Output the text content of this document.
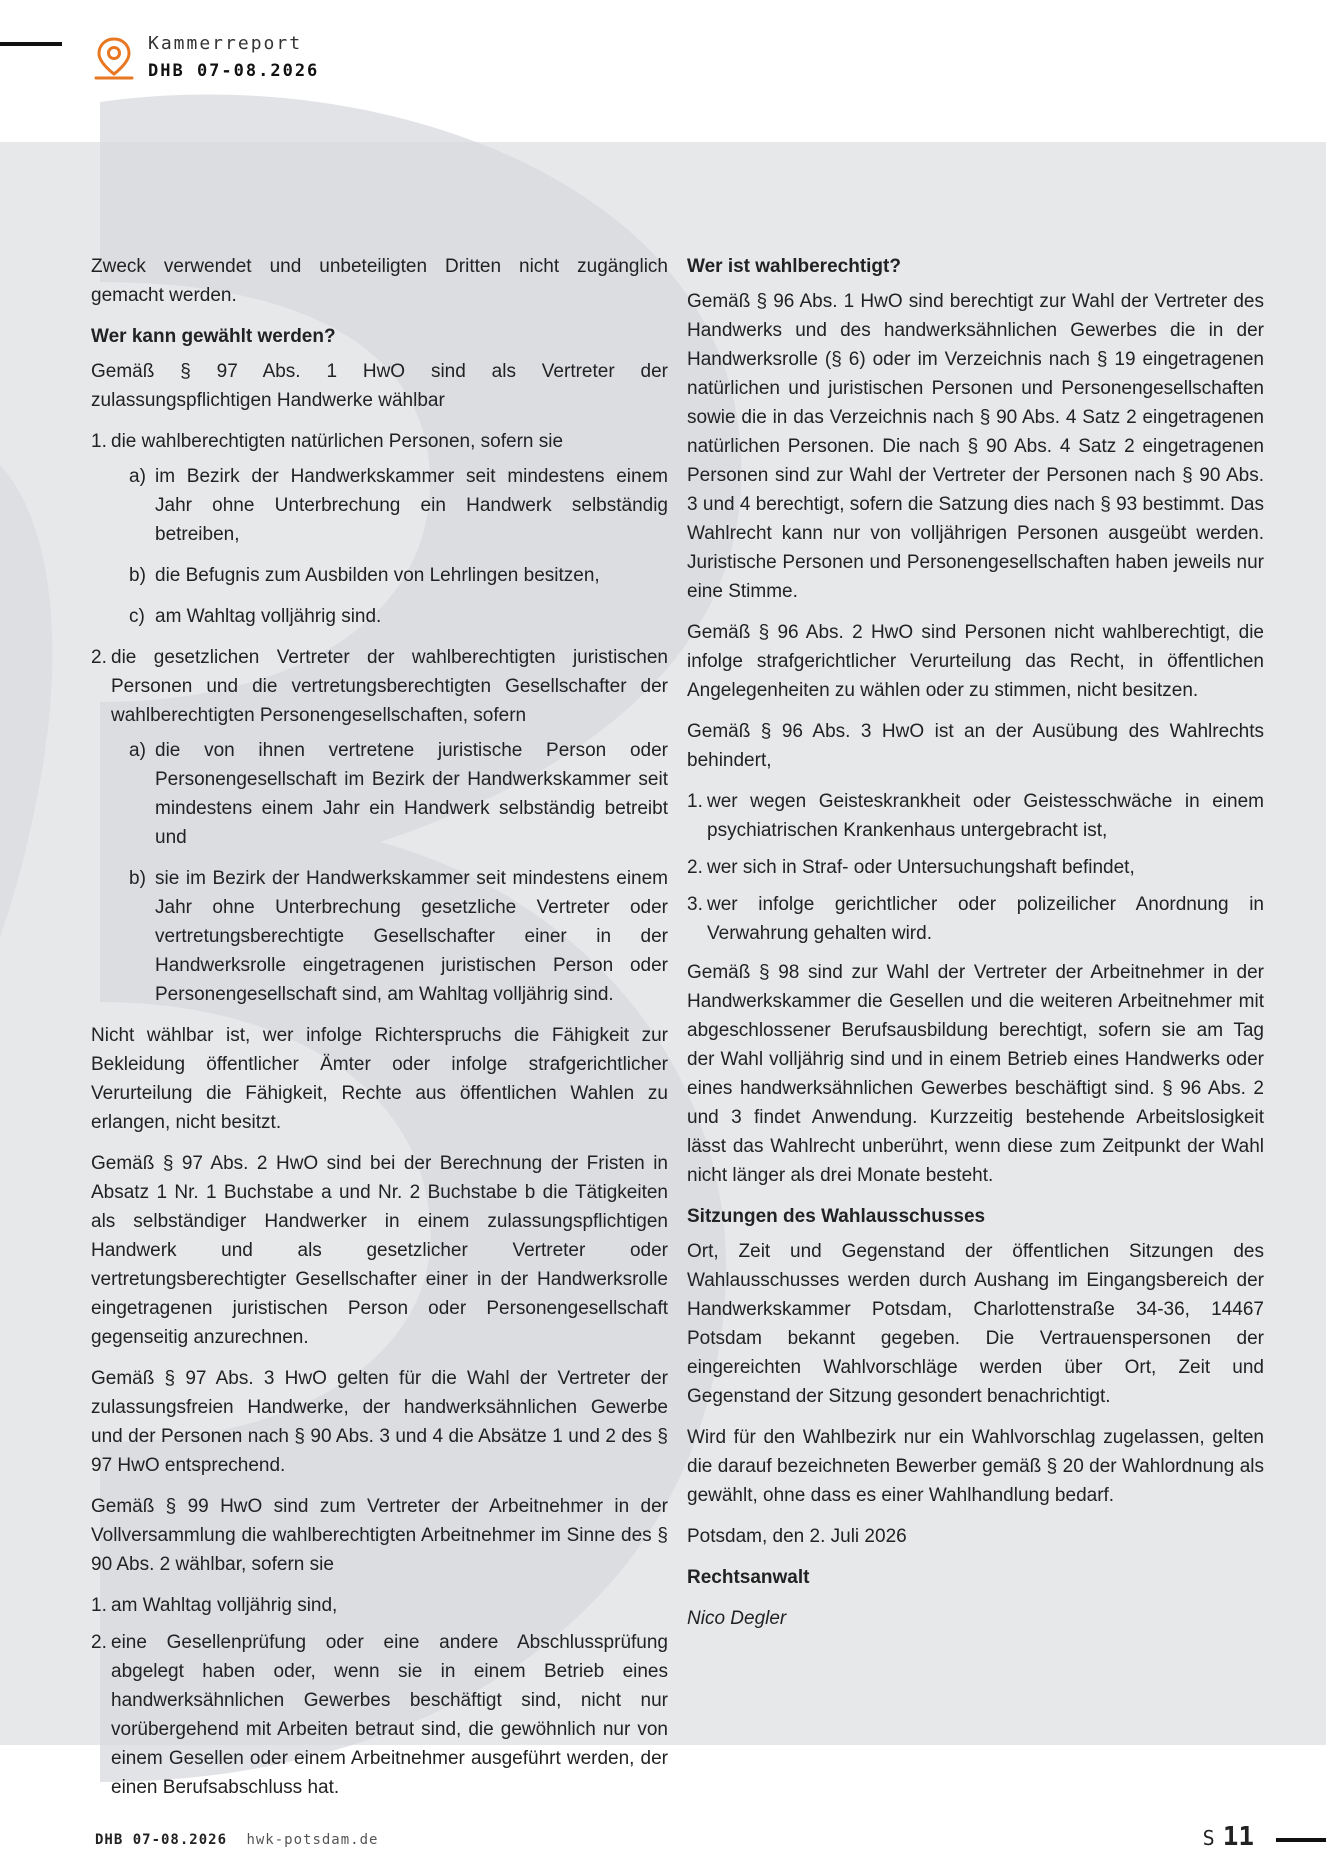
Kammerreport
DHB 07-08.2026

Zweck verwendet und unbeteiligten Dritten nicht zugänglich gemacht werden.

Wer kann gewählt werden?

Gemäß § 97 Abs. 1 HwO sind als Vertreter der zulassungspflichtigen Handwerke wählbar

1. die wahlberechtigten natürlichen Personen, sofern sie
a) im Bezirk der Handwerkskammer seit mindestens einem Jahr ohne Unterbrechung ein Handwerk selbständig betreiben,
b) die Befugnis zum Ausbilden von Lehrlingen besitzen,
c) am Wahltag volljährig sind.
2. die gesetzlichen Vertreter der wahlberechtigten juristischen Personen und die vertretungsberechtigten Gesellschafter der wahlberechtigten Personengesellschaften, sofern
a) die von ihnen vertretene juristische Person oder Personengesellschaft im Bezirk der Handwerkskammer seit mindestens einem Jahr ein Handwerk selbständig betreibt und
b) sie im Bezirk der Handwerkskammer seit mindestens einem Jahr ohne Unterbrechung gesetzliche Vertreter oder vertretungsberechtigte Gesellschafter einer in der Handwerksrolle eingetragenen juristischen Person oder Personengesellschaft sind, am Wahltag volljährig sind.

Nicht wählbar ist, wer infolge Richterspruchs die Fähigkeit zur Bekleidung öffentlicher Ämter oder infolge strafgerichtlicher Verurteilung die Fähigkeit, Rechte aus öffentlichen Wahlen zu erlangen, nicht besitzt.

Gemäß § 97 Abs. 2 HwO sind bei der Berechnung der Fristen in Absatz 1 Nr. 1 Buchstabe a und Nr. 2 Buchstabe b die Tätigkeiten als selbständiger Handwerker in einem zulassungspflichtigen Handwerk und als gesetzlicher Vertreter oder vertretungsberechtigter Gesellschafter einer in der Handwerksrolle eingetragenen juristischen Person oder Personengesellschaft gegenseitig anzurechnen.

Gemäß § 97 Abs. 3 HwO gelten für die Wahl der Vertreter der zulassungsfreien Handwerke, der handwerksähnlichen Gewerbe und der Personen nach § 90 Abs. 3 und 4 die Absätze 1 und 2 des § 97 HwO entsprechend.

Gemäß § 99 HwO sind zum Vertreter der Arbeitnehmer in der Vollversammlung die wahlberechtigten Arbeitnehmer im Sinne des § 90 Abs. 2 wählbar, sofern sie

1. am Wahltag volljährig sind,
2. eine Gesellenprüfung oder eine andere Abschlussprüfung abgelegt haben oder, wenn sie in einem Betrieb eines handwerksähnlichen Gewerbes beschäftigt sind, nicht nur vorübergehend mit Arbeiten betraut sind, die gewöhnlich nur von einem Gesellen oder einem Arbeitnehmer ausgeführt werden, der einen Berufsabschluss hat.
Wer ist wahlberechtigt?

Gemäß § 96 Abs. 1 HwO sind berechtigt zur Wahl der Vertreter des Handwerks und des handwerksähnlichen Gewerbes die in der Handwerksrolle (§ 6) oder im Verzeichnis nach § 19 eingetragenen natürlichen und juristischen Personen und Personengesellschaften sowie die in das Verzeichnis nach § 90 Abs. 4 Satz 2 eingetragenen natürlichen Personen. Die nach § 90 Abs. 4 Satz 2 eingetragenen Personen sind zur Wahl der Vertreter der Personen nach § 90 Abs. 3 und 4 berechtigt, sofern die Satzung dies nach § 93 bestimmt. Das Wahlrecht kann nur von volljährigen Personen ausgeübt werden. Juristische Personen und Personengesellschaften haben jeweils nur eine Stimme.

Gemäß § 96 Abs. 2 HwO sind Personen nicht wahlberechtigt, die infolge strafgerichtlicher Verurteilung das Recht, in öffentlichen Angelegenheiten zu wählen oder zu stimmen, nicht besitzen.

Gemäß § 96 Abs. 3 HwO ist an der Ausübung des Wahlrechts behindert,

1. wer wegen Geisteskrankheit oder Geistesschwäche in einem psychiatrischen Krankenhaus untergebracht ist,
2. wer sich in Straf- oder Untersuchungshaft befindet,
3. wer infolge gerichtlicher oder polizeilicher Anordnung in Verwahrung gehalten wird.

Gemäß § 98 sind zur Wahl der Vertreter der Arbeitnehmer in der Handwerkskammer die Gesellen und die weiteren Arbeitnehmer mit abgeschlossener Berufsausbildung berechtigt, sofern sie am Tag der Wahl volljährig sind und in einem Betrieb eines Handwerks oder eines handwerksähnlichen Gewerbes beschäftigt sind. § 96 Abs. 2 und 3 findet Anwendung. Kurzzeitig bestehende Arbeitslosigkeit lässt das Wahlrecht unberührt, wenn diese zum Zeitpunkt der Wahl nicht länger als drei Monate besteht.

Sitzungen des Wahlausschusses

Ort, Zeit und Gegenstand der öffentlichen Sitzungen des Wahlausschusses werden durch Aushang im Eingangsbereich der Handwerkskammer Potsdam, Charlottenstraße 34-36, 14467 Potsdam bekannt gegeben. Die Vertrauenspersonen der eingereichten Wahlvorschläge werden über Ort, Zeit und Gegenstand der Sitzung gesondert benachrichtigt.

Wird für den Wahlbezirk nur ein Wahlvorschlag zugelassen, gelten die darauf bezeichneten Bewerber gemäß § 20 der Wahlordnung als gewählt, ohne dass es einer Wahlhandlung bedarf.

Potsdam, den 2. Juli 2026

Rechtsanwalt

Nico Degler

DHB 07-08.2026 hwk-potsdam.de	S 11
